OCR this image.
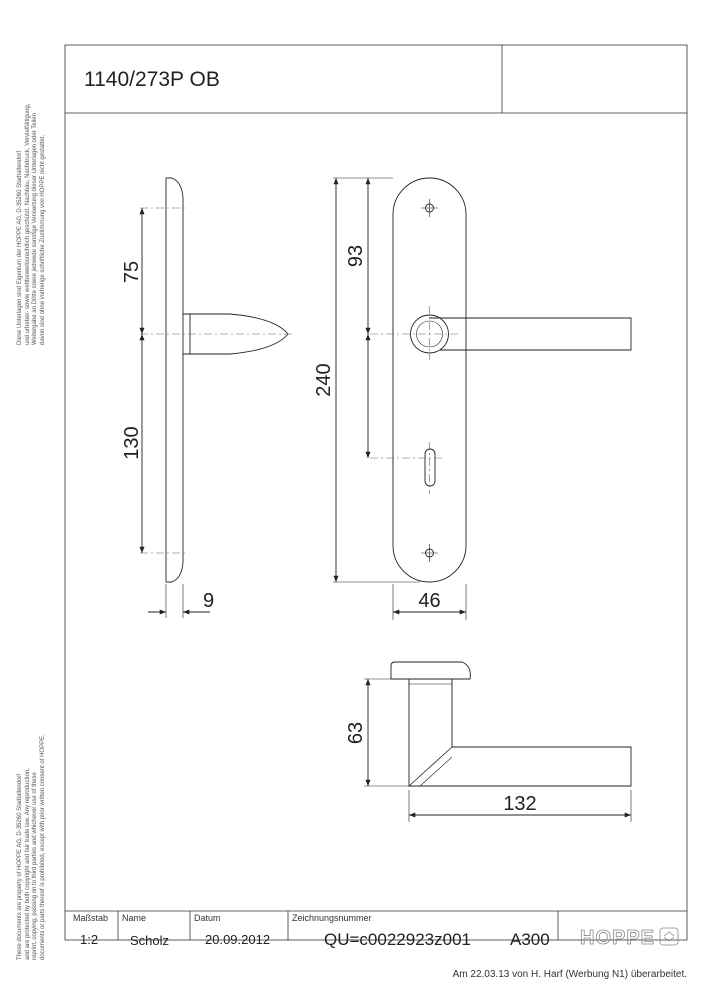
Diese Unterlagen sind Eigentum der HOPPE AG, D-35260 Stadtallendorf und urheber- sowie wettbewerbsrechtlich geschützt. Nachbau, Nachdruck, Vervielfältigung, Weitergabe an Dritte sowie jedwede sonstige Verwertung dieser Unterlagen oder Teilen davon sind ohne vorherige schriftliche Zustimmung von HOPPE nicht gestattet.
These documents are property of HOPPE AG, D-35260 Stadtallendorf and are protected by both copyright and fair trade law. Any reproduction, reprint, copying, passing on to third parties and whichever use of these documents or parts thereof is prohibited, except with prior written consent of HOPPE.
75
130
9
93
240
46
63
132
HOPPE
1140/273P OB
Maßstab
1:2
Name
Scholz
Datum
20.09.2012
Zeichnungsnummer
QU=c0022923z001 A300
Am 22.03.13 von H. Harf (Werbung N1) überarbeitet.
